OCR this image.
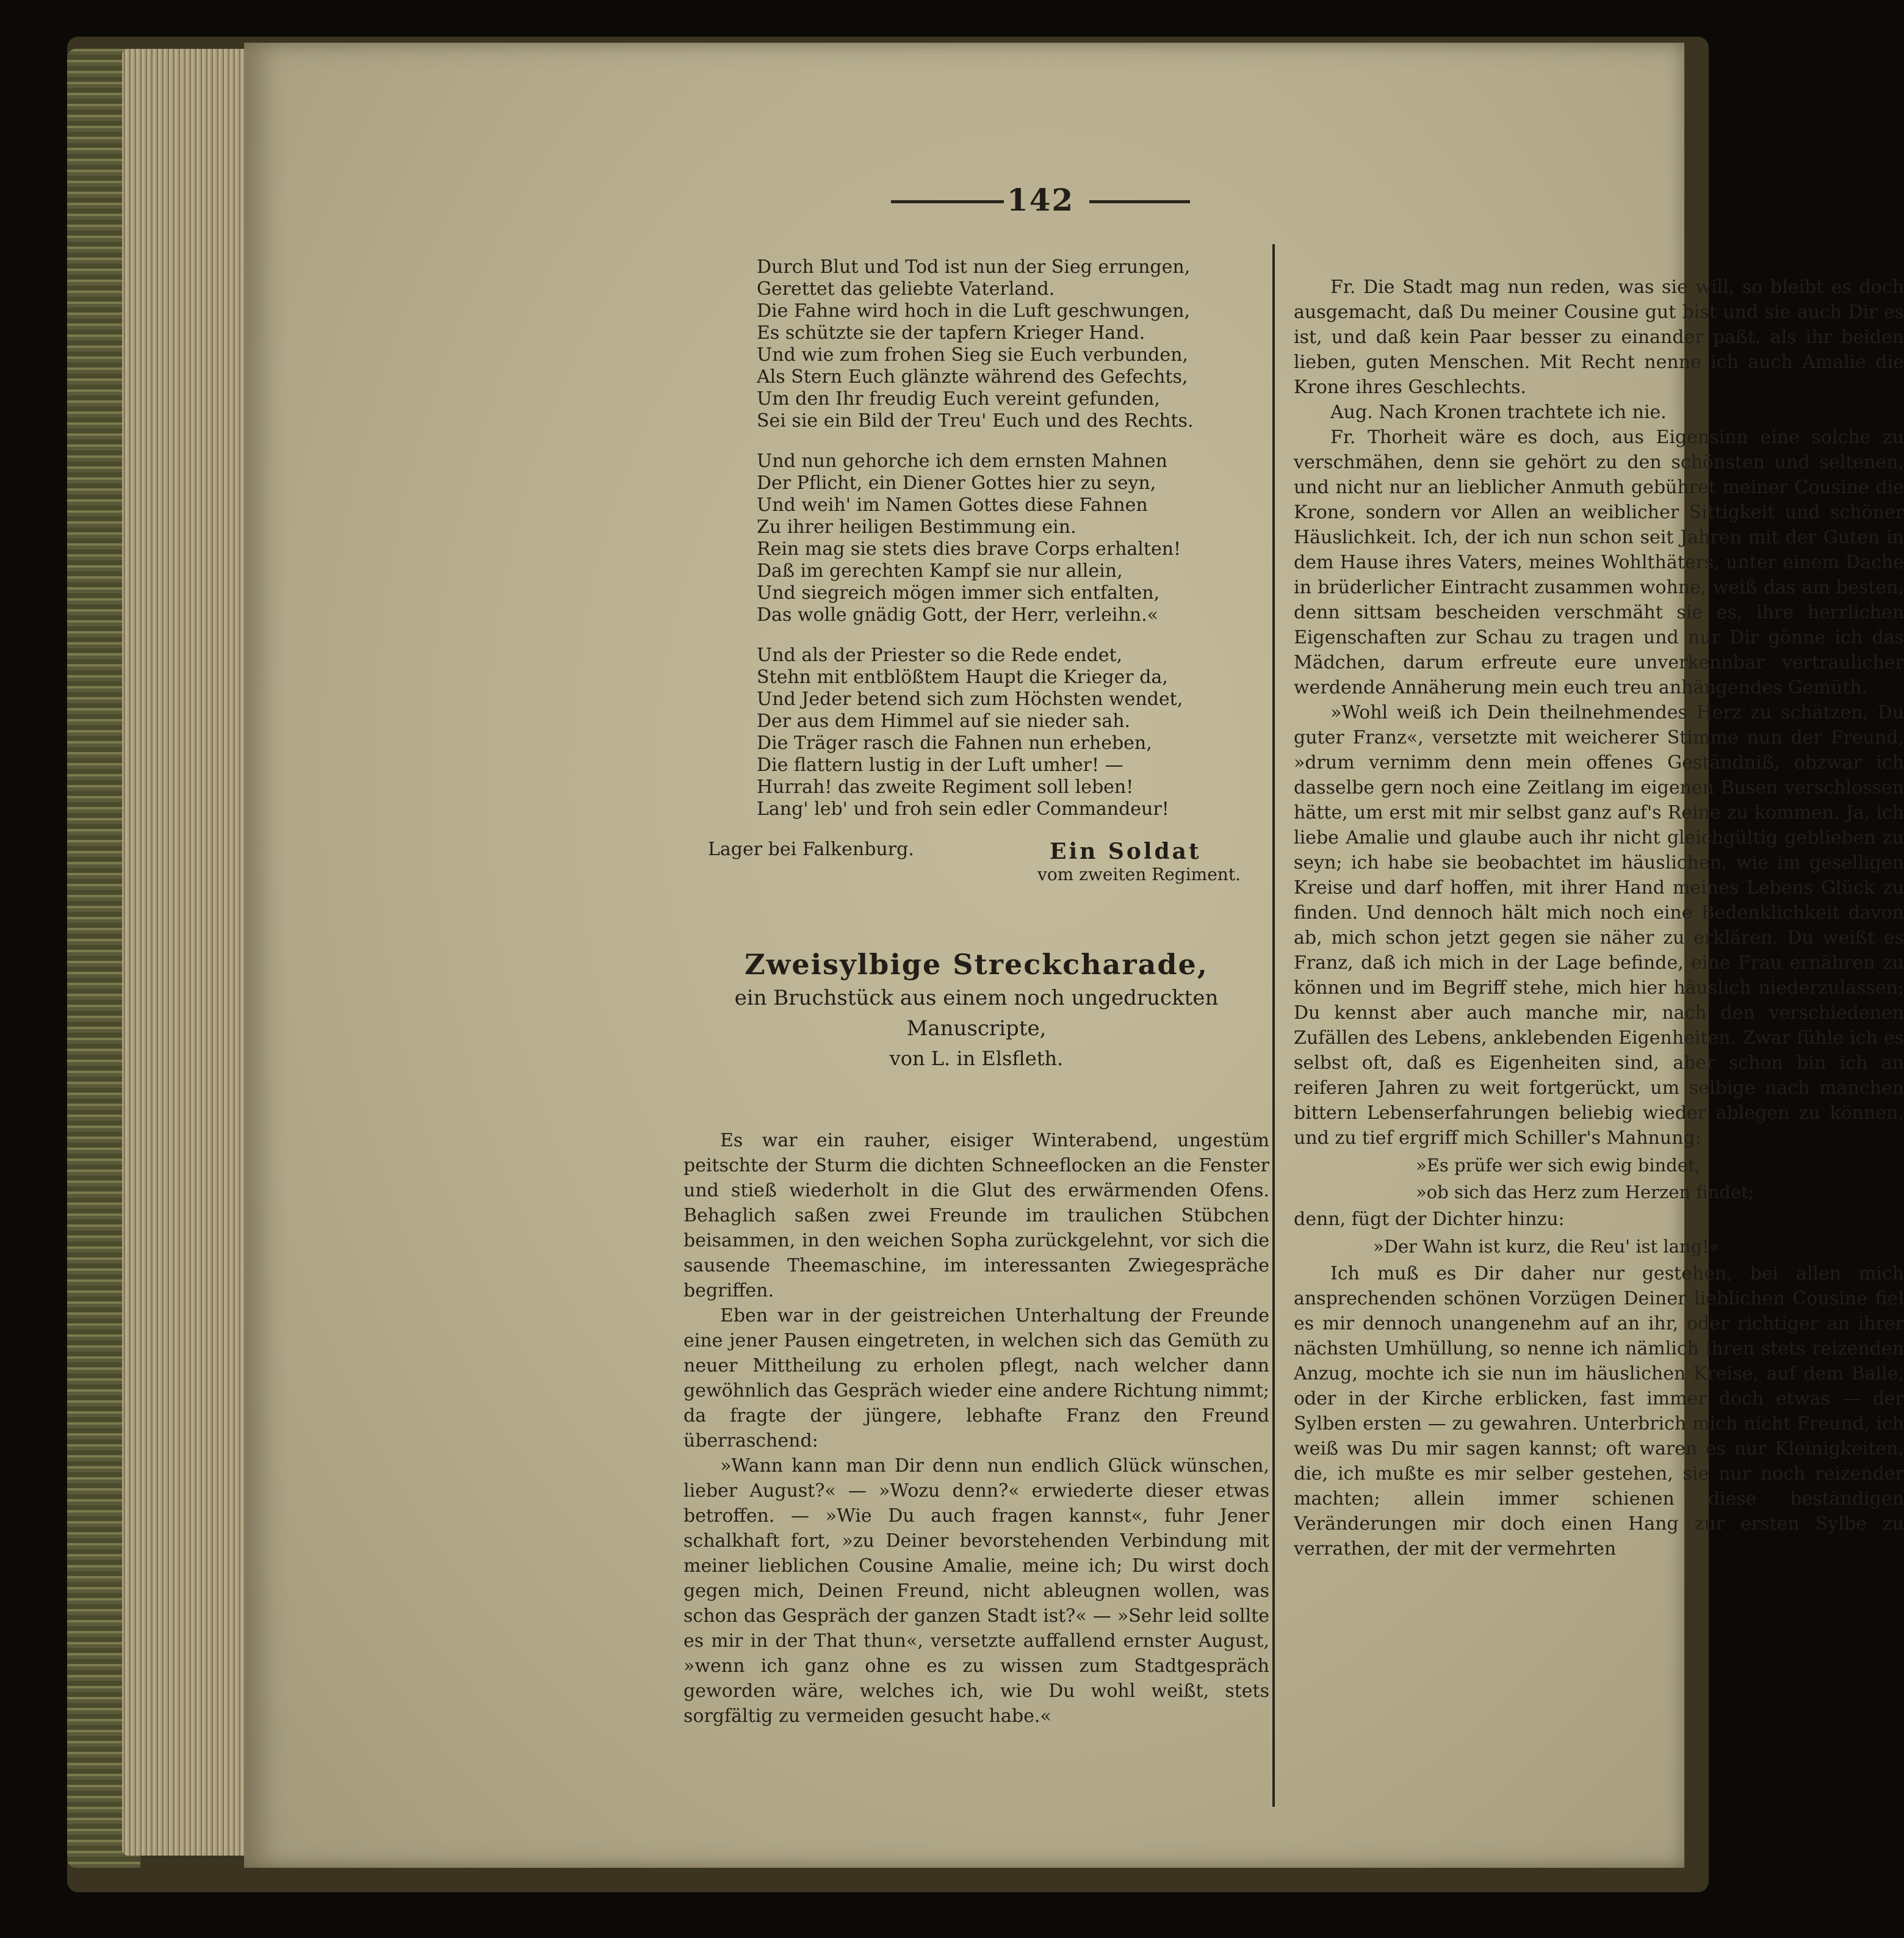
142
Durch Blut und Tod ist nun der Sieg errungen,
Gerettet das geliebte Vaterland.
Die Fahne wird hoch in die Luft geschwungen,
Es schützte sie der tapfern Krieger Hand.
Und wie zum frohen Sieg sie Euch verbunden,
Als Stern Euch glänzte während des Gefechts,
Um den Ihr freudig Euch vereint gefunden,
Sei sie ein Bild der Treu' Euch und des Rechts.
Und nun gehorche ich dem ernsten Mahnen
Der Pflicht, ein Diener Gottes hier zu seyn,
Und weih' im Namen Gottes diese Fahnen
Zu ihrer heiligen Bestimmung ein.
Rein mag sie stets dies brave Corps erhalten!
Daß im gerechten Kampf sie nur allein,
Und siegreich mögen immer sich entfalten,
Das wolle gnädig Gott, der Herr, verleihn.«
Und als der Priester so die Rede endet,
Stehn mit entblößtem Haupt die Krieger da,
Und Jeder betend sich zum Höchsten wendet,
Der aus dem Himmel auf sie nieder sah.
Die Träger rasch die Fahnen nun erheben,
Die flattern lustig in der Luft umher! —
Hurrah! das zweite Regiment soll leben!
Lang' leb' und froh sein edler Commandeur!
Lager bei Falkenburg.	Ein Soldat
vom zweiten Regiment.
Zweisylbige Streckcharade,
ein Bruchstück aus einem noch ungedruckten Manuscripte,
von L. in Elsfleth.

Es war ein rauher, eisiger Winterabend, ungestüm peitschte der Sturm die dichten Schneeflocken an die Fenster und stieß wiederholt in die Glut des erwärmenden Ofens. Behaglich saßen zwei Freunde im traulichen Stübchen beisammen, in den weichen Sopha zurückgelehnt, vor sich die sausende Theemaschine, im interessanten Zwiegespräche begriffen.

Eben war in der geistreichen Unterhaltung der Freunde eine jener Pausen eingetreten, in welchen sich das Gemüth zu neuer Mittheilung zu erholen pflegt, nach welcher dann gewöhnlich das Gespräch wieder eine andere Richtung nimmt; da fragte der jüngere, lebhafte Franz den Freund überraschend:

»Wann kann man Dir denn nun endlich Glück wünschen, lieber August?« — »Wozu denn?« erwiederte dieser etwas betroffen. — »Wie Du auch fragen kannst«, fuhr Jener schalkhaft fort, »zu Deiner bevorstehenden Verbindung mit meiner lieblichen Cousine Amalie, meine ich; Du wirst doch gegen mich, Deinen Freund, nicht ableugnen wollen, was schon das Gespräch der ganzen Stadt ist?« — »Sehr leid sollte es mir in der That thun«, versetzte auffallend ernster August, »wenn ich ganz ohne es zu wissen zum Stadtgespräch geworden wäre, welches ich, wie Du wohl weißt, stets sorgfältig zu vermeiden gesucht habe.«

Fr. Die Stadt mag nun reden, was sie will, so bleibt es doch ausgemacht, daß Du meiner Cousine gut bist und sie auch Dir es ist, und daß kein Paar besser zu einander paßt, als ihr beiden lieben, guten Menschen. Mit Recht nenne ich auch Amalie die Krone ihres Geschlechts.

Aug. Nach Kronen trachtete ich nie.

Fr. Thorheit wäre es doch, aus Eigensinn eine solche zu verschmähen, denn sie gehört zu den schönsten und seltenen, und nicht nur an lieblicher Anmuth gebühret meiner Cousine die Krone, sondern vor Allen an weiblicher Sittigkeit und schöner Häuslichkeit. Ich, der ich nun schon seit Jahren mit der Guten in dem Hause ihres Vaters, meines Wohlthäters, unter einem Dache in brüderlicher Eintracht zusammen wohne, weiß das am besten, denn sittsam bescheiden verschmäht sie es, ihre herrlichen Eigenschaften zur Schau zu tragen und nur Dir gönne ich das Mädchen, darum erfreute eure unverkennbar vertraulicher werdende Annäherung mein euch treu anhängendes Gemüth.

»Wohl weiß ich Dein theilnehmendes Herz zu schätzen, Du guter Franz«, versetzte mit weicherer Stimme nun der Freund, »drum vernimm denn mein offenes Geständniß, obzwar ich dasselbe gern noch eine Zeitlang im eigenen Busen verschlossen hätte, um erst mit mir selbst ganz auf's Reine zu kommen. Ja, ich liebe Amalie und glaube auch ihr nicht gleichgültig geblieben zu seyn; ich habe sie beobachtet im häuslichen, wie im geselligen Kreise und darf hoffen, mit ihrer Hand meines Lebens Glück zu finden. Und dennoch hält mich noch eine Bedenklichkeit davon ab, mich schon jetzt gegen sie näher zu erklären. Du weißt es Franz, daß ich mich in der Lage befinde, eine Frau ernähren zu können und im Begriff stehe, mich hier häuslich niederzulassen; Du kennst aber auch manche mir, nach den verschiedenen Zufällen des Lebens, anklebenden Eigenheiten. Zwar fühle ich es selbst oft, daß es Eigenheiten sind, aber schon bin ich an reiferen Jahren zu weit fortgerückt, um selbige nach manchen bittern Lebenserfahrungen beliebig wieder ablegen zu können, und zu tief ergriff mich Schiller's Mahnung:

»Es prüfe wer sich ewig bindet,
»ob sich das Herz zum Herzen findet;

denn, fügt der Dichter hinzu:

»Der Wahn ist kurz, die Reu' ist lang!«

Ich muß es Dir daher nur gestehen, bei allen mich ansprechenden schönen Vorzügen Deiner lieblichen Cousine fiel es mir dennoch unangenehm auf an ihr, oder richtiger an ihrer nächsten Umhüllung, so nenne ich nämlich ihren stets reizenden Anzug, mochte ich sie nun im häuslichen Kreise, auf dem Balle, oder in der Kirche erblicken, fast immer doch etwas — der Sylben ersten — zu gewahren. Unterbrich mich nicht Freund, ich weiß was Du mir sagen kannst; oft waren es nur Kleinigkeiten, die, ich mußte es mir selber gestehen, sie nur noch reizender machten; allein immer schienen diese beständigen Veränderungen mir doch einen Hang zur ersten Sylbe zu verrathen, der mit der vermehrten
